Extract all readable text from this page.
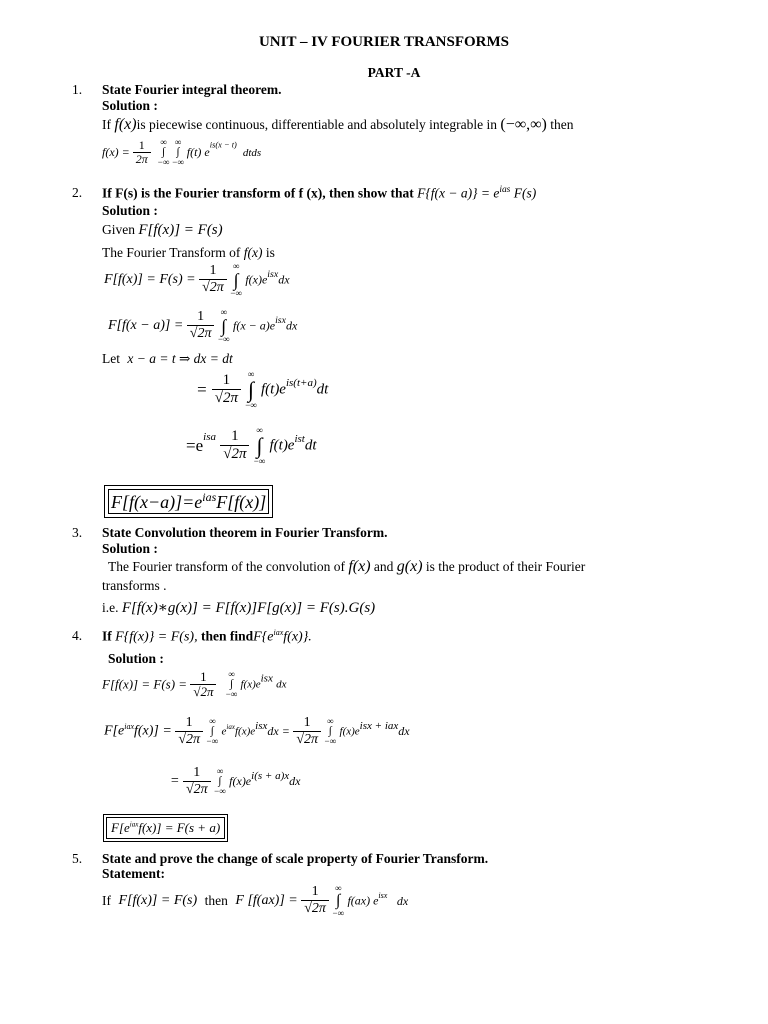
UNIT – IV FOURIER TRANSFORMS
PART -A
1. State Fourier integral theorem.
Solution :
If f(x)is piecewise continuous, differentiable and absolutely integrable in (−∞,∞) then
$f(x) = \frac{1}{2\pi}$
∞
∫
−∞

∞
∫
−∞
f(t) $e^{is(x - t)}$ dtds
2. If F(s) is the Fourier transform of f (x), then show that $F\{f(x - a)\} = e^{ias}$ F(s)
Solution :
Given F[f(x)] = F(s)
The Fourier Transform of f(x) is
$F[f(x)] = F(s) = \frac{1}{√2\pi}$
∞
∫
−∞
$f(x)e^{isx}dx$
$F[f(x - a)] = \frac{1}{√2\pi}$
∞
∫
−∞
$f(x - a)e^{isx}dx$
Let x − a = t ⇒ dx = dt
= $\frac{1}{√2\pi}$
∞
∫
−∞
$f(t)e^{is(t+a)}dt$
$=e^{isa} \frac{1}{√2\pi}$
∞
∫
−∞
$f(t)e^{ist}dt$
$F[f(x-a)]=e^{ias}F[f(x)]$
3. State Convolution theorem in Fourier Transform.
Solution :
The Fourier transform of the convolution of f(x) and g(x) is the product of their Fourier
transforms .
i.e. F[f(x)∗g(x)] = F[f(x)]F[g(x)] = F(s).G(s)
4. If F{f(x)} = F(s), then $findF\{e^{iax}f(x)\}$.
Solution :
$F[f(x)] = F(s) = \frac{1}{√2\pi}$
∞
∫
−∞
$f(x)e^{isx}$ dx
$F[e^{iax}f(x)] = \frac{1}{√2\pi}$
∞
∫
−∞
$e^{iax}f(x)e^{isx}dx = \frac{1}{√2\pi}$
∞
∫
−∞
$f(x)e^{isx + iax}dx$
= $\frac{1}{√2\pi}$
∞
∫
−∞
$f(x)e^{i(s + a)x}dx$
$F[e^{iax}f(x)] = F(s + a)$
5. State and prove the change of scale property of Fourier Transform.
Statement:
If F[f(x)] = F(s) then F $[f(ax)] = \frac{1}{√2\pi}$
∞
∫
−∞
f(ax) $e^{isx}$ dx
